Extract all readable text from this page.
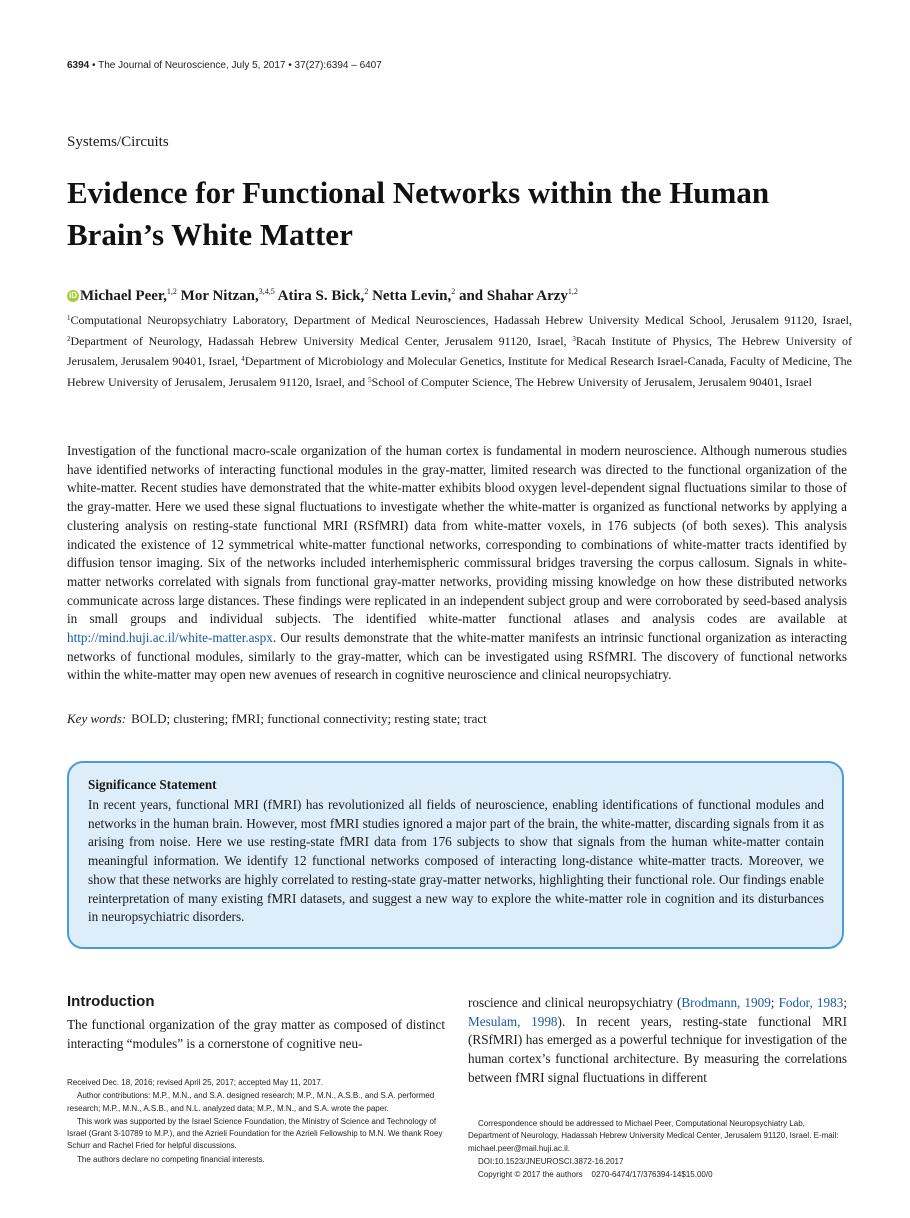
6394 • The Journal of Neuroscience, July 5, 2017 • 37(27):6394 – 6407
Systems/Circuits
Evidence for Functional Networks within the Human Brain’s White Matter
iD Michael Peer,$^{1,2}$ Mor Nitzan,$^{3,4,5}$ Atira S. Bick,$^2$ Netta Levin,$^2$ and Shahar Arzy$^{1,2}$
$^1$Computational Neuropsychiatry Laboratory, Department of Medical Neurosciences, Hadassah Hebrew University Medical School, Jerusalem 91120, Israel, $^2$Department of Neurology, Hadassah Hebrew University Medical Center, Jerusalem 91120, Israel, $^3$Racah Institute of Physics, The Hebrew University of Jerusalem, Jerusalem 90401, Israel, $^4$Department of Microbiology and Molecular Genetics, Institute for Medical Research Israel-Canada, Faculty of Medicine, The Hebrew University of Jerusalem, Jerusalem 91120, Israel, and $^5$School of Computer Science, The Hebrew University of Jerusalem, Jerusalem 90401, Israel

Investigation of the functional macro-scale organization of the human cortex is fundamental in modern neuroscience. Although numerous studies have identified networks of interacting functional modules in the gray-matter, limited research was directed to the functional organization of the white-matter. Recent studies have demonstrated that the white-matter exhibits blood oxygen level-dependent signal fluctuations similar to those of the gray-matter. Here we used these signal fluctuations to investigate whether the white-matter is organized as functional networks by applying a clustering analysis on resting-state functional MRI (RSfMRI) data from white-matter voxels, in 176 subjects (of both sexes). This analysis indicated the existence of 12 symmetrical white-matter functional networks, corresponding to combinations of white-matter tracts identified by diffusion tensor imaging. Six of the networks included interhemispheric commissural bridges traversing the corpus callosum. Signals in white-matter networks correlated with signals from functional gray-matter networks, providing missing knowledge on how these distributed networks communicate across large distances. These findings were replicated in an independent subject group and were corroborated by seed-based analysis in small groups and individual subjects. The identified white-matter functional atlases and analysis codes are available at http://mind.huji.ac.il/white-matter.aspx. Our results demonstrate that the white-matter manifests an intrinsic functional organization as interacting networks of functional modules, similarly to the gray-matter, which can be investigated using RSfMRI. The discovery of functional networks within the white-matter may open new avenues of research in cognitive neuroscience and clinical neuropsychiatry.

Key words: BOLD; clustering; fMRI; functional connectivity; resting state; tract

Significance Statement

In recent years, functional MRI (fMRI) has revolutionized all fields of neuroscience, enabling identifications of functional modules and networks in the human brain. However, most fMRI studies ignored a major part of the brain, the white-matter, discarding signals from it as arising from noise. Here we use resting-state fMRI data from 176 subjects to show that signals from the human white-matter contain meaningful information. We identify 12 functional networks composed of interacting long-distance white-matter tracts. Moreover, we show that these networks are highly correlated to resting-state gray-matter networks, highlighting their functional role. Our findings enable reinterpretation of many existing fMRI datasets, and suggest a new way to explore the white-matter role in cognition and its disturbances in neuropsychiatric disorders.

Introduction

The functional organization of the gray matter as composed of distinct interacting “modules” is a cornerstone of cognitive neu-

roscience and clinical neuropsychiatry (Brodmann, 1909; Fodor, 1983; Mesulam, 1998). In recent years, resting-state functional MRI (RSfMRI) has emerged as a powerful technique for investigation of the human cortex’s functional architecture. By measuring the correlations between fMRI signal fluctuations in different

Received Dec. 18, 2016; revised April 25, 2017; accepted May 11, 2017.

Author contributions: M.P., M.N., and S.A. designed research; M.P., M.N., A.S.B., and S.A. performed research; M.P., M.N., A.S.B., and N.L. analyzed data; M.P., M.N., and S.A. wrote the paper.

This work was supported by the Israel Science Foundation, the Ministry of Science and Technology of Israel (Grant 3-10789 to M.P.), and the Azrieli Foundation for the Azrieli Fellowship to M.N. We thank Roey Schurr and Rachel Fried for helpful discussions.

The authors declare no competing financial interests.

Correspondence should be addressed to Michael Peer, Computational Neuropsychiatry Lab, Department of Neurology, Hadassah Hebrew University Medical Center, Jerusalem 91120, Israel. E-mail: michael.peer@mail.huji.ac.il.

DOI:10.1523/JNEUROSCI.3872-16.2017

Copyright © 2017 the authors    0270-6474/17/376394-14$15.00/0
